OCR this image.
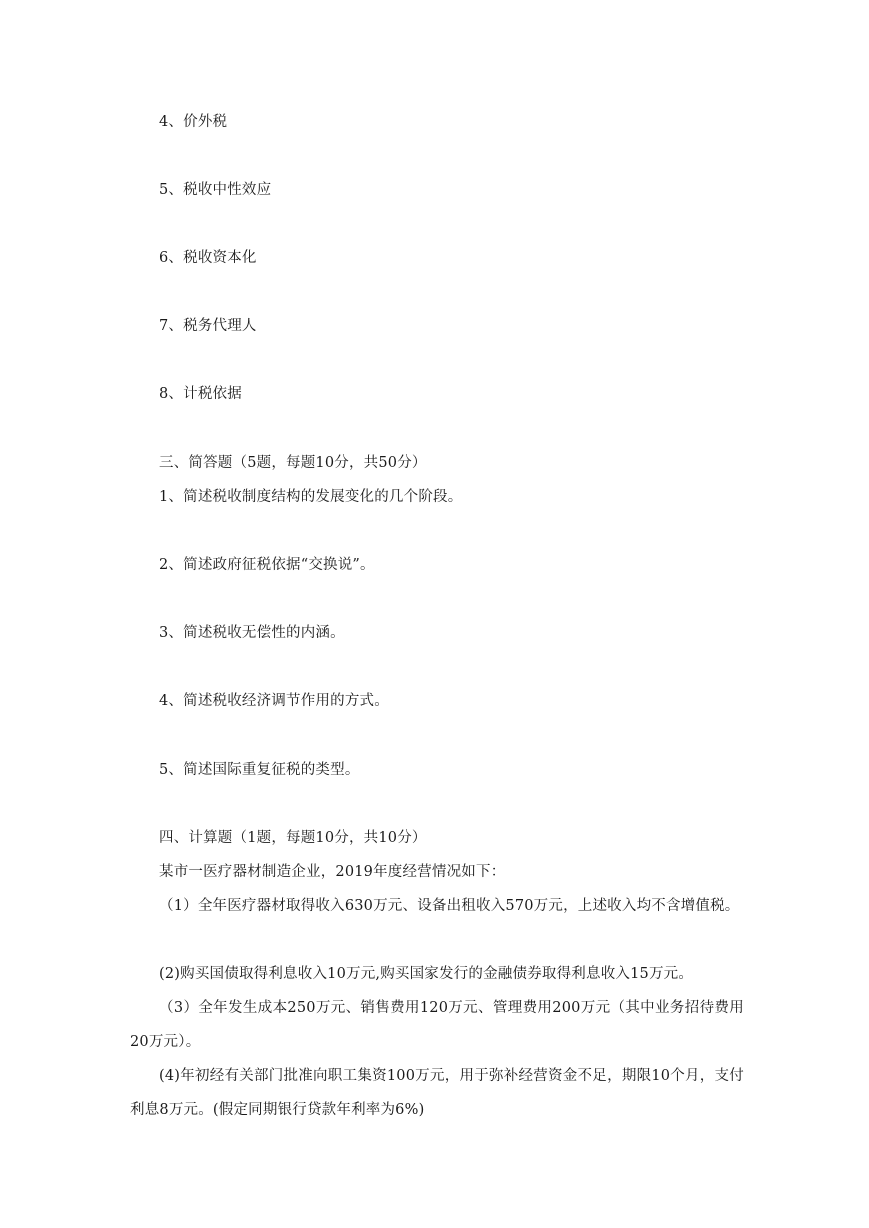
4、价外税
5、税收中性效应
6、税收资本化
7、税务代理人
8、计税依据
三、简答题（5题，每题10分，共50分）
1、简述税收制度结构的发展变化的几个阶段。
2、简述政府征税依据“交换说”。
3、简述税收无偿性的内涵。
4、简述税收经济调节作用的方式。
5、简述国际重复征税的类型。
四、计算题（1题，每题10分，共10分）
某市一医疗器材制造企业，2019年度经营情况如下：
（1）全年医疗器材取得收入630万元、设备出租收入570万元，上述收入均不含增值税。
(2)购买国债取得利息收入10万元,购买国家发行的金融债券取得利息收入15万元。
（3）全年发生成本250万元、销售费用120万元、管理费用200万元（其中业务招待费用20万元）。
(4)年初经有关部门批准向职工集资100万元，用于弥补经营资金不足，期限10个月，支付利息8万元。(假定同期银行贷款年利率为6%)
